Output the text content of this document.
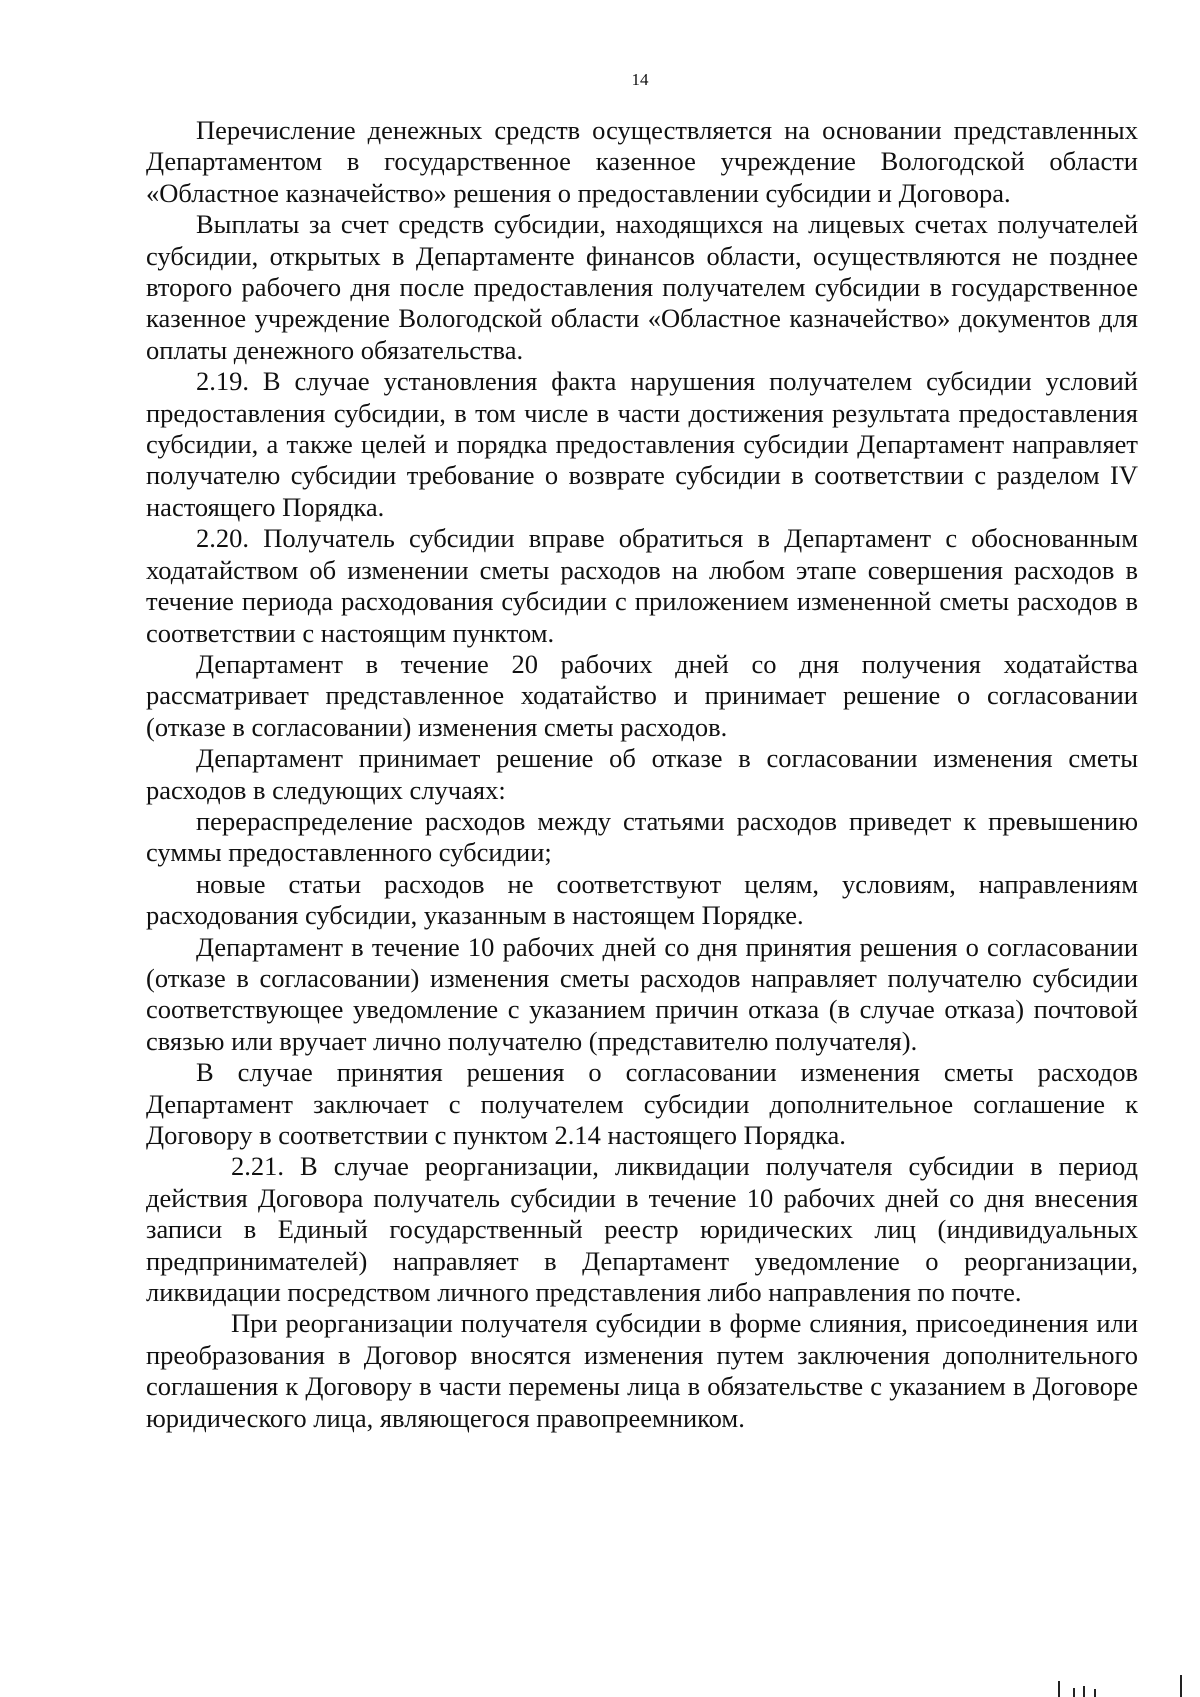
14

Перечисление денежных средств осуществляется на основании представленных Департаментом в государственное казенное учреждение Вологодской области «Областное казначейство» решения о предоставлении субсидии и Договора.

Выплаты за счет средств субсидии, находящихся на лицевых счетах получателей субсидии, открытых в Департаменте финансов области, осуществляются не позднее второго рабочего дня после предоставления получателем субсидии в государственное казенное учреждение Вологодской области «Областное казначейство» документов для оплаты денежного обязательства.

2.19. В случае установления факта нарушения получателем субсидии условий предоставления субсидии, в том числе в части достижения результата предоставления субсидии, а также целей и порядка предоставления субсидии Департамент направляет получателю субсидии требование о возврате субсидии в соответствии с разделом IV настоящего Порядка.

2.20. Получатель субсидии вправе обратиться в Департамент с обоснованным ходатайством об изменении сметы расходов на любом этапе совершения расходов в течение периода расходования субсидии с приложением измененной сметы расходов в соответствии с настоящим пунктом.

Департамент в течение 20 рабочих дней со дня получения ходатайства рассматривает представленное ходатайство и принимает решение о согласовании (отказе в согласовании) изменения сметы расходов.

Департамент принимает решение об отказе в согласовании изменения сметы расходов в следующих случаях:

перераспределение расходов между статьями расходов приведет к превышению суммы предоставленного субсидии;

новые статьи расходов не соответствуют целям, условиям, направлениям расходования субсидии, указанным в настоящем Порядке.

Департамент в течение 10 рабочих дней со дня принятия решения о согласовании (отказе в согласовании) изменения сметы расходов направляет получателю субсидии соответствующее уведомление с указанием причин отказа (в случае отказа) почтовой связью или вручает лично получателю (представителю получателя).

В случае принятия решения о согласовании изменения сметы расходов Департамент заключает с получателем субсидии дополнительное соглашение к Договору в соответствии с пунктом 2.14 настоящего Порядка.

2.21. В случае реорганизации, ликвидации получателя субсидии в период действия Договора получатель субсидии в течение 10 рабочих дней со дня внесения записи в Единый государственный реестр юридических лиц (индивидуальных предпринимателей) направляет в Департамент уведомление о реорганизации, ликвидации посредством личного представления либо направления по почте.

При реорганизации получателя субсидии в форме слияния, присоединения или преобразования в Договор вносятся изменения путем заключения дополнительного соглашения к Договору в части перемены лица в обязательстве с указанием в Договоре юридического лица, являющегося правопреемником.
